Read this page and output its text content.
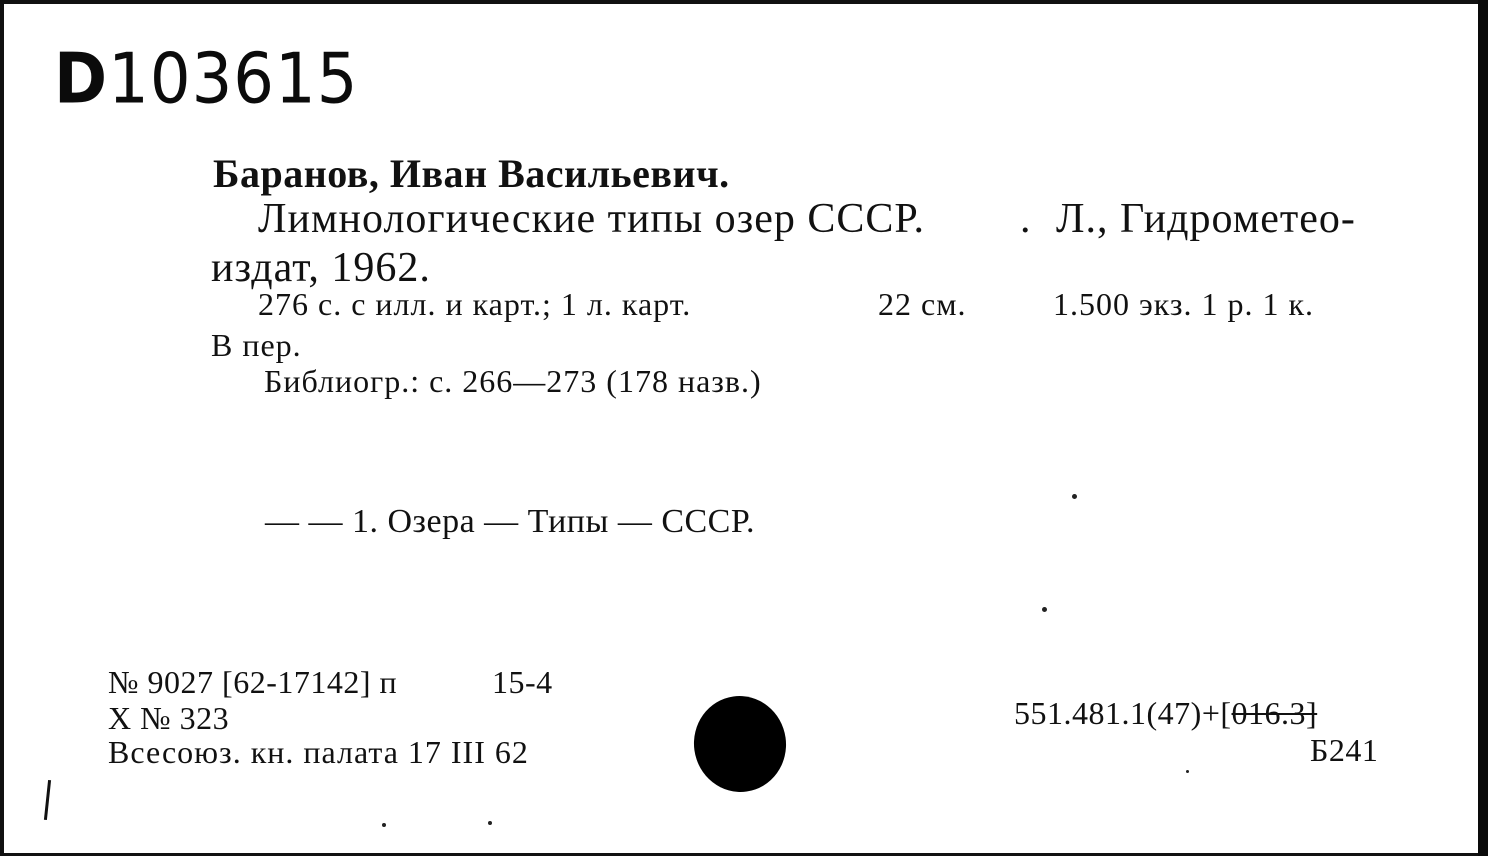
D103615
Баранов, Иван Васильевич.
Лимнологические типы озер СССР. . Л., Гидрометео-
издат, 1962.
276 с. с илл. и карт.; 1 л. карт.	22 см.	1.500 экз. 1 р. 1 к.
В пер.
Библиогр.: с. 266—273 (178 назв.)
— — 1. Озера — Типы — СССР.
№ 9027 [62-17142] п	15-4
X № 323
Всесоюз. кн. палата 17 III 62
551.481.1(47)+[016.3]
Б241
